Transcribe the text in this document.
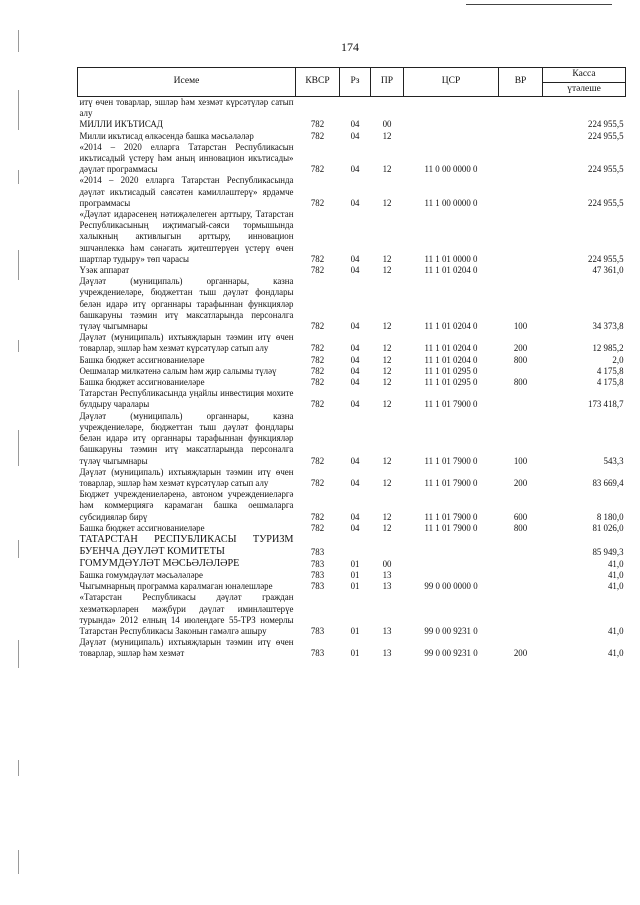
174
Исеме	КВСР	Рз	ПР	ЦСР	ВР	Касса
үтәлеше

итү өчен товарлар, эшләр һәм хезмәт күрсәтүләр сатып алу						
МИЛЛИ ИКЪТИСАД	782	04	00			224 955,5
Милли икътисад өлкәсендә башка мәсьәләләр	782	04	12			224 955,5
«2014 – 2020 елларга Татарстан Республикасын икътисадый үстерү һәм аның инновацион икътисады» дәүләт программасы	782	04	12	11 0 00 0000 0		224 955,5
«2014 – 2020 елларга Татарстан Республикасында дәүләт икътисадый сәясәтен камилләштерү» ярдәмче программасы	782	04	12	11 1 00 0000 0		224 955,5
«Дәүләт идарәсенең нәтиҗәлелеген арттыру, Татарстан Республикасының иҗтимагый-сәяси тормышында халыкның активлыгын арттыру, инновацион эшчәнлеккә һәм сәнәгать җитештерүен үстерү өчен шартлар тудыру» төп чарасы	782	04	12	11 1 01 0000 0		224 955,5
Үзәк аппарат	782	04	12	11 1 01 0204 0		47 361,0
Дәүләт (муниципаль) органнары, казна учреждениеләре, бюджеттан тыш дәүләт фондлары белән идарә итү органнары тарафыннан функцияләр башкаруны тәэмин итү максатларында персоналга түләү чыгымнары	782	04	12	11 1 01 0204 0	100	34 373,8
Дәүләт (муниципаль) ихтыяҗларын тәэмин итү өчен товарлар, эшләр һәм хезмәт күрсәтүләр сатып алу	782	04	12	11 1 01 0204 0	200	12 985,2
Башка бюджет ассигнованиеләре	782	04	12	11 1 01 0204 0	800	2,0
Оешмалар милкәтенә салым һәм җир салымы түләү	782	04	12	11 1 01 0295 0		4 175,8
Башка бюджет ассигнованиеләре	782	04	12	11 1 01 0295 0	800	4 175,8
Татарстан Республикасында уңайлы инвестиция мохите булдыру чаралары	782	04	12	11 1 01 7900 0		173 418,7
Дәүләт (муниципаль) органнары, казна учреждениеләре, бюджеттан тыш дәүләт фондлары белән идарә итү органнары тарафыннан функцияләр башкаруны тәэмин итү максатларында персоналга түләү чыгымнары	782	04	12	11 1 01 7900 0	100	543,3
Дәүләт (муниципаль) ихтыяҗларын тәэмин итү өчен товарлар, эшләр һәм хезмәт күрсәтүләр сатып алу	782	04	12	11 1 01 7900 0	200	83 669,4
Бюджет учреждениеләренә, автоном учреждениеләргә һәм коммерциягә карамаган башка оешмаларга субсидияләр бирү	782	04	12	11 1 01 7900 0	600	8 180,0
Башка бюджет ассигнованиеләре	782	04	12	11 1 01 7900 0	800	81 026,0
ТАТАРСТАН РЕСПУБЛИКАСЫ ТУРИЗМ БУЕНЧА ДӘҮЛӘТ КОМИТЕТЫ	783					85 949,3
ГОМУМДӘҮЛӘТ МӘСЬӘЛӘЛӘРЕ	783	01	00			41,0
Башка гомумдәүләт мәсьәләләре	783	01	13			41,0
Чыгымнарның программа каралмаган юнәлешләре	783	01	13	99 0 00 0000 0		41,0
«Татарстан Республикасы дәүләт граждан хезмәткәрләрен мәҗбүри дәүләт иминләштерүе турында» 2012 елның 14 июлендәге 55-ТРЗ номерлы Татарстан Республикасы Законын гамәлгә ашыру	783	01	13	99 0 00 9231 0		41,0
Дәүләт (муниципаль) ихтыяҗларын тәэмин итү өчен товарлар, эшләр һәм хезмәт	783	01	13	99 0 00 9231 0	200	41,0
